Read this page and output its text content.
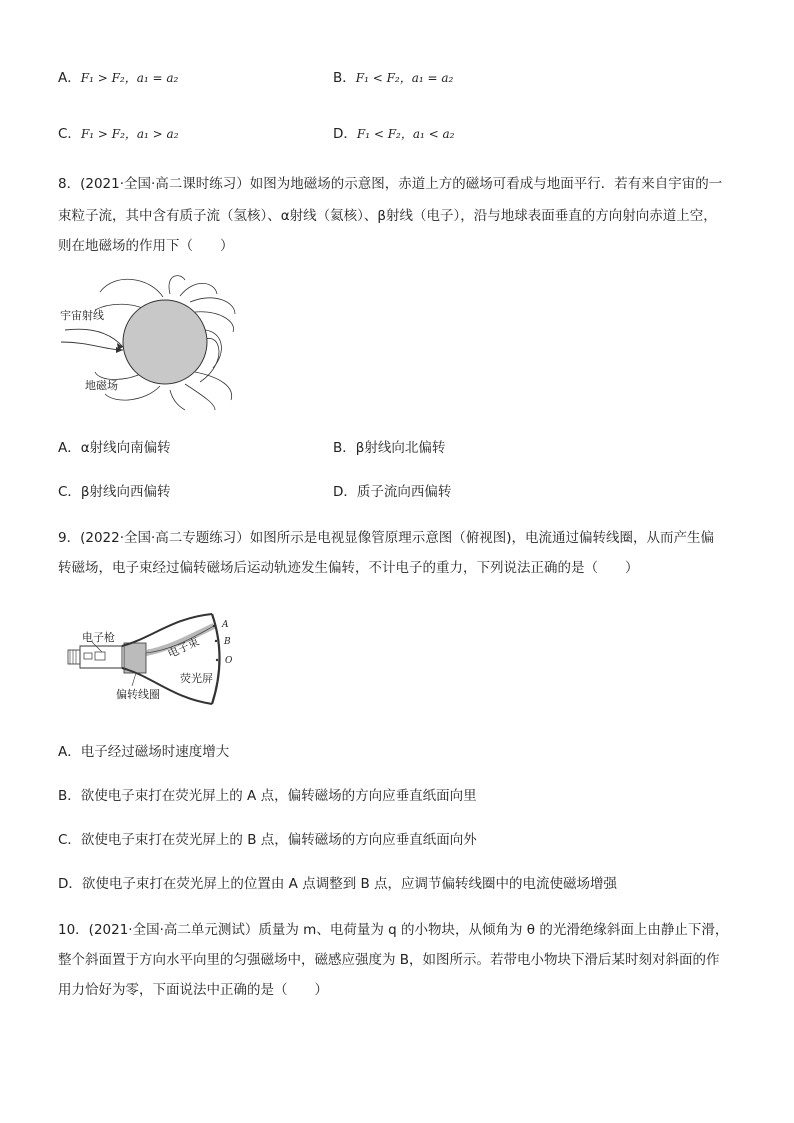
A．F₁ > F₂，a₁ = a₂	B．F₁ < F₂，a₁ = a₂
C．F₁ > F₂，a₁ > a₂	D．F₁ < F₂，a₁ < a₂
8．(2021·全国·高二课时练习）如图为地磁场的示意图，赤道上方的磁场可看成与地面平行．若有来自宇宙的一
束粒子流，其中含有质子流（氢核）、α射线（氦核）、β射线（电子），沿与地球表面垂直的方向射向赤道上空，
则在地磁场的作用下（　　）
宇宙射线
地磁场
A．α射线向南偏转	B．β射线向北偏转
C．β射线向西偏转	D．质子流向西偏转
9．(2022·全国·高二专题练习）如图所示是电视显像管原理示意图（俯视图)，电流通过偏转线圈，从而产生偏
转磁场，电子束经过偏转磁场后运动轨迹发生偏转，不计电子的重力，下列说法正确的是（　　）
电子枪
偏转线圈
电子束
荧光屏
A
B
O
A．电子经过磁场时速度增大
B．欲使电子束打在荧光屏上的 A 点，偏转磁场的方向应垂直纸面向里
C．欲使电子束打在荧光屏上的 B 点，偏转磁场的方向应垂直纸面向外
D．欲使电子束打在荧光屏上的位置由 A 点调整到 B 点，应调节偏转线圈中的电流使磁场增强
10．(2021·全国·高二单元测试）质量为 m、电荷量为 q 的小物块，从倾角为 θ 的光滑绝缘斜面上由静止下滑，
整个斜面置于方向水平向里的匀强磁场中，磁感应强度为 B，如图所示。若带电小物块下滑后某时刻对斜面的作
用力恰好为零，下面说法中正确的是（　　）
